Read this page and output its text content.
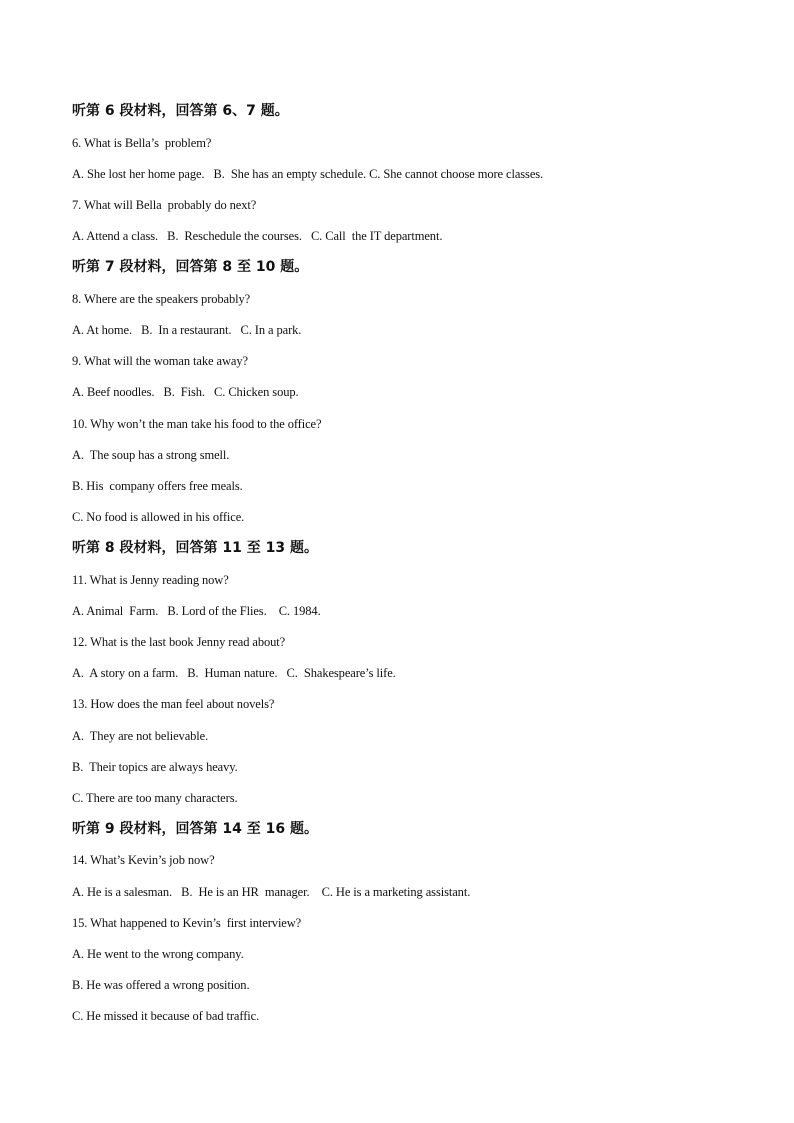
听第 6 段材料，回答第 6、7 题。
6. What is Bella’s  problem?
A. She lost her home page.   B.  She has an empty schedule. C. She cannot choose more classes.
7. What will Bella  probably do next?
A. Attend a class.   B.  Reschedule the courses.   C. Call  the IT department.
听第 7 段材料，回答第 8 至 10 题。
8. Where are the speakers probably?
A. At home.   B.  In a restaurant.   C. In a park.
9. What will the woman take away?
A. Beef noodles.   B.  Fish.   C. Chicken soup.
10. Why won’t the man take his food to the office?
A.  The soup has a strong smell.
B. His  company offers free meals.
C. No food is allowed in his office.
听第 8 段材料，回答第 11 至 13 题。
11. What is Jenny reading now?
A. Animal  Farm.   B. Lord of the Flies.    C. 1984.
12. What is the last book Jenny read about?
A.  A story on a farm.   B.  Human nature.   C.  Shakespeare’s life.
13. How does the man feel about novels?
A.  They are not believable.
B.  Their topics are always heavy.
C. There are too many characters.
听第 9 段材料，回答第 14 至 16 题。
14. What’s Kevin’s job now?
A. He is a salesman.   B.  He is an HR  manager.    C. He is a marketing assistant.
15. What happened to Kevin’s  first interview?
A. He went to the wrong company.
B. He was offered a wrong position.
C. He missed it because of bad traffic.
